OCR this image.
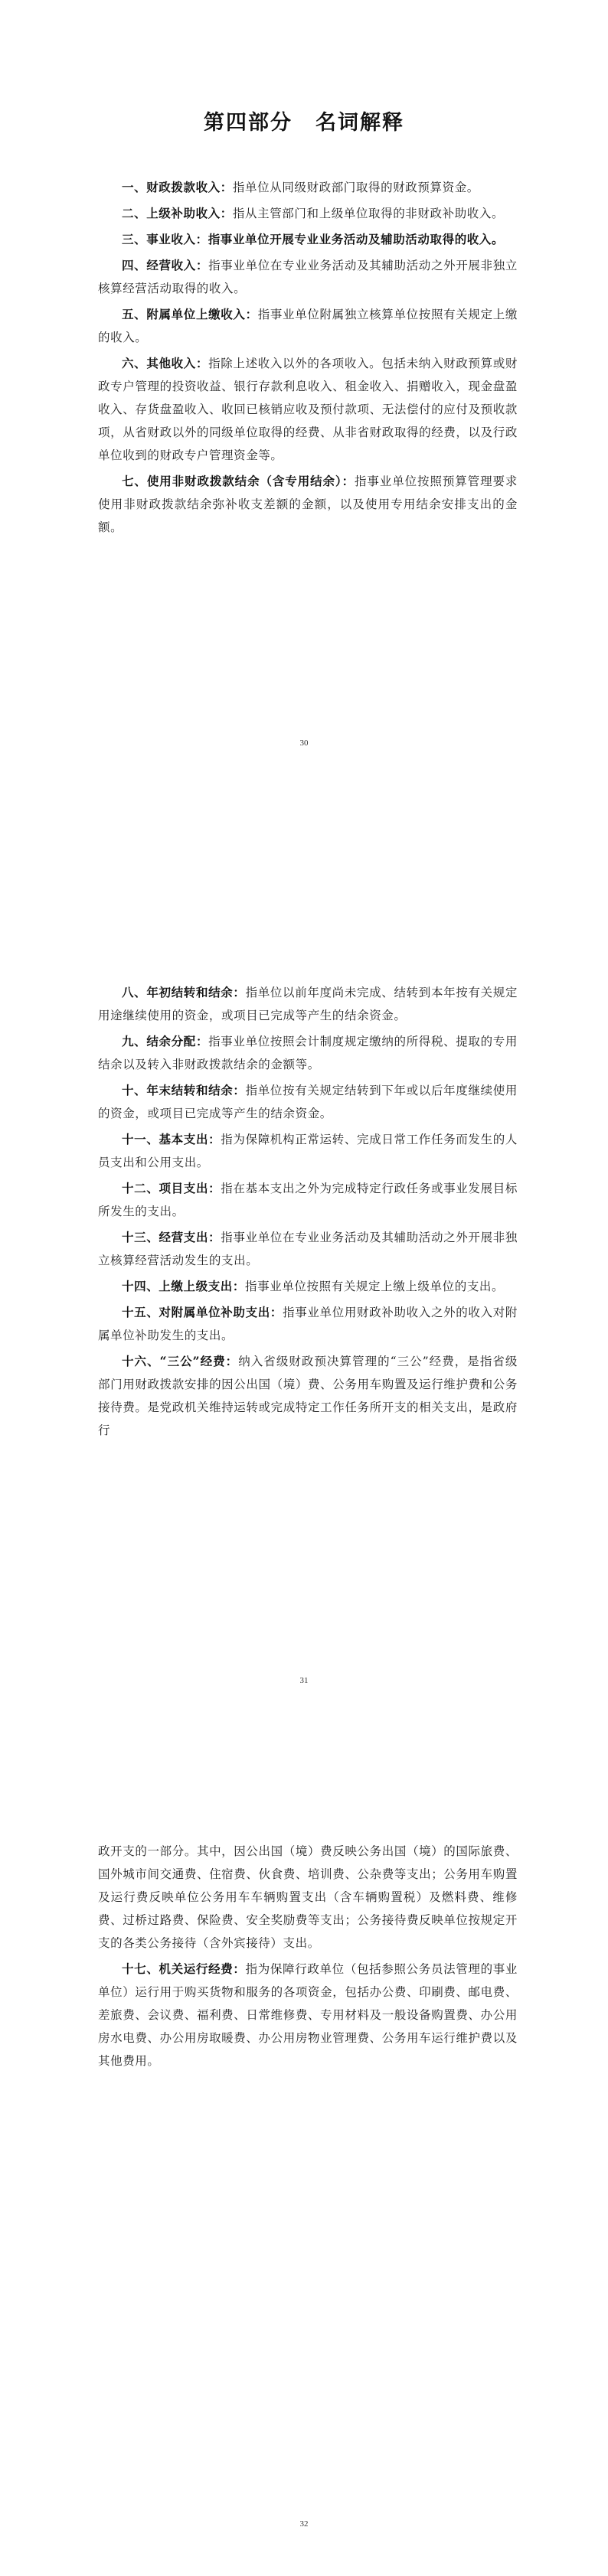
第四部分 名词解释

一、财政拨款收入：指单位从同级财政部门取得的财政预算资金。

二、上级补助收入：指从主管部门和上级单位取得的非财政补助收入。

三、事业收入：指事业单位开展专业业务活动及辅助活动取得的收入。

四、经营收入：指事业单位在专业业务活动及其辅助活动之外开展非独立核算经营活动取得的收入。

五、附属单位上缴收入：指事业单位附属独立核算单位按照有关规定上缴的收入。

六、其他收入：指除上述收入以外的各项收入。包括未纳入财政预算或财政专户管理的投资收益、银行存款利息收入、租金收入、捐赠收入，现金盘盈收入、存货盘盈收入、收回已核销应收及预付款项、无法偿付的应付及预收款项，从省财政以外的同级单位取得的经费、从非省财政取得的经费，以及行政单位收到的财政专户管理资金等。

七、使用非财政拨款结余（含专用结余）：指事业单位按照预算管理要求使用非财政拨款结余弥补收支差额的金额，以及使用专用结余安排支出的金额。

30

八、年初结转和结余：指单位以前年度尚未完成、结转到本年按有关规定用途继续使用的资金，或项目已完成等产生的结余资金。

九、结余分配：指事业单位按照会计制度规定缴纳的所得税、提取的专用结余以及转入非财政拨款结余的金额等。

十、年末结转和结余：指单位按有关规定结转到下年或以后年度继续使用的资金，或项目已完成等产生的结余资金。

十一、基本支出：指为保障机构正常运转、完成日常工作任务而发生的人员支出和公用支出。

十二、项目支出：指在基本支出之外为完成特定行政任务或事业发展目标所发生的支出。

十三、经营支出：指事业单位在专业业务活动及其辅助活动之外开展非独立核算经营活动发生的支出。

十四、上缴上级支出：指事业单位按照有关规定上缴上级单位的支出。

十五、对附属单位补助支出：指事业单位用财政补助收入之外的收入对附属单位补助发生的支出。

十六、“三公”经费：纳入省级财政预决算管理的“三公”经费，是指省级部门用财政拨款安排的因公出国（境）费、公务用车购置及运行维护费和公务接待费。是党政机关维持运转或完成特定工作任务所开支的相关支出，是政府行

31

政开支的一部分。其中，因公出国（境）费反映公务出国（境）的国际旅费、国外城市间交通费、住宿费、伙食费、培训费、公杂费等支出；公务用车购置及运行费反映单位公务用车车辆购置支出（含车辆购置税）及燃料费、维修费、过桥过路费、保险费、安全奖励费等支出；公务接待费反映单位按规定开支的各类公务接待（含外宾接待）支出。

十七、机关运行经费：指为保障行政单位（包括参照公务员法管理的事业单位）运行用于购买货物和服务的各项资金，包括办公费、印刷费、邮电费、差旅费、会议费、福利费、日常维修费、专用材料及一般设备购置费、办公用房水电费、办公用房取暖费、办公用房物业管理费、公务用车运行维护费以及其他费用。

32
